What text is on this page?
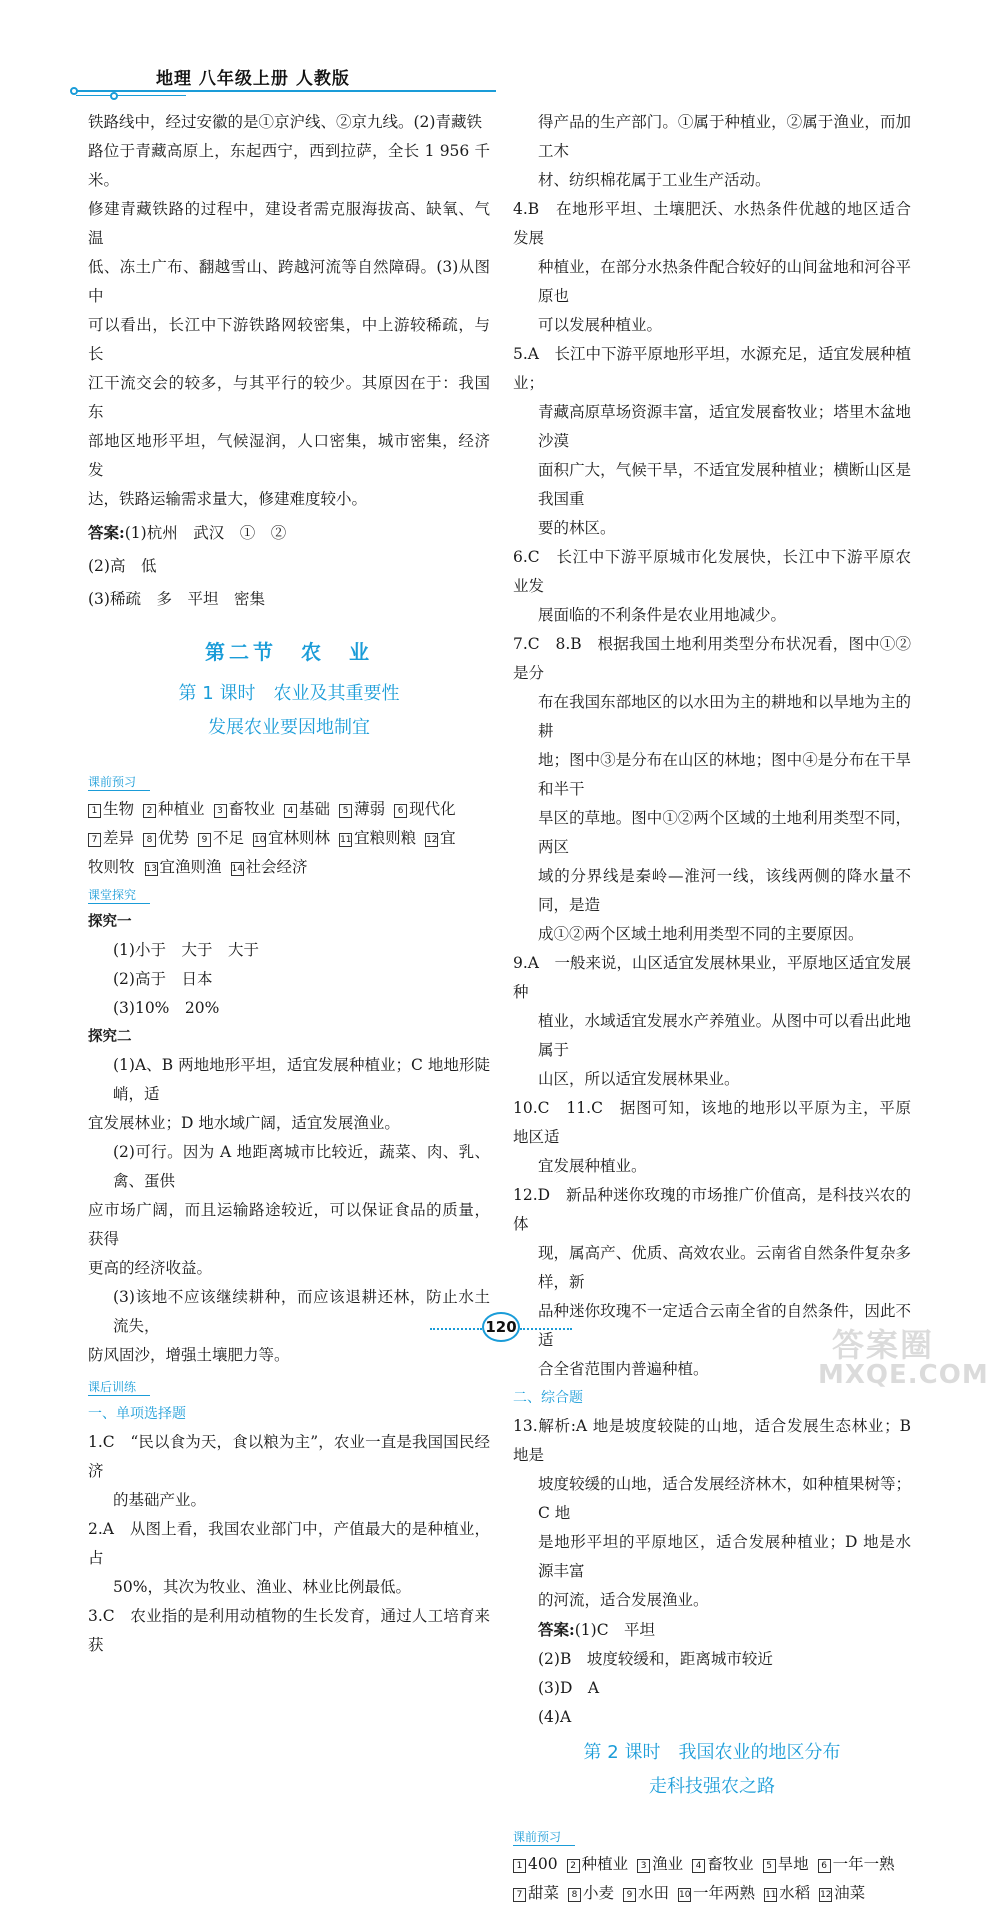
地理 八年级上册 人教版
铁路线中，经过安徽的是①京沪线、②京九线。(2)青藏铁
路位于青藏高原上，东起西宁，西到拉萨，全长 1 956 千米。
修建青藏铁路的过程中，建设者需克服海拔高、缺氧、气温
低、冻土广布、翻越雪山、跨越河流等自然障碍。(3)从图中
可以看出，长江中下游铁路网较密集，中上游较稀疏，与长
江干流交会的较多，与其平行的较少。其原因在于：我国东
部地区地形平坦，气候湿润，人口密集，城市密集，经济发
达，铁路运输需求量大，修建难度较小。
答案:(1)杭州　武汉　①　②
(2)高　低
(3)稀疏　多　平坦　密集
第二节　农　业
第 1 课时　农业及其重要性
发展农业要因地制宜
课前预习
1 生物 2 种植业 3 畜牧业 4 基础 5 薄弱 6 现代化
7 差异 8 优势 9 不足 10 宜林则林 11 宜粮则粮 12 宜
牧则牧 13 宜渔则渔 14 社会经济
课堂探究
探究一
(1)小于　大于　大于
(2)高于　日本
(3)10%　20%
探究二
(1)A、B 两地地形平坦，适宜发展种植业；C 地地形陡峭，适
宜发展林业；D 地水域广阔，适宜发展渔业。
(2)可行。因为 A 地距离城市比较近，蔬菜、肉、乳、禽、蛋供
应市场广阔，而且运输路途较近，可以保证食品的质量，获得
更高的经济收益。
(3)该地不应该继续耕种，而应该退耕还林，防止水土流失，
防风固沙，增强土壤肥力等。
课后训练
一、单项选择题
1.C　“民以食为天，食以粮为主”，农业一直是我国国民经济
的基础产业。
2.A　从图上看，我国农业部门中，产值最大的是种植业，占
50%，其次为牧业、渔业、林业比例最低。
3.C　农业指的是利用动植物的生长发育，通过人工培育来获
得产品的生产部门。①属于种植业，②属于渔业，而加工木
材、纺织棉花属于工业生产活动。
4.B　在地形平坦、土壤肥沃、水热条件优越的地区适合发展
种植业，在部分水热条件配合较好的山间盆地和河谷平原也
可以发展种植业。
5.A　长江中下游平原地形平坦，水源充足，适宜发展种植业；
青藏高原草场资源丰富，适宜发展畜牧业；塔里木盆地沙漠
面积广大，气候干旱，不适宜发展种植业；横断山区是我国重
要的林区。
6.C　长江中下游平原城市化发展快，长江中下游平原农业发
展面临的不利条件是农业用地减少。
7.C　8.B　根据我国土地利用类型分布状况看，图中①②是分
布在我国东部地区的以水田为主的耕地和以旱地为主的耕
地；图中③是分布在山区的林地；图中④是分布在干旱和半干
旱区的草地。图中①②两个区域的土地利用类型不同，两区
域的分界线是秦岭—淮河一线，该线两侧的降水量不同，是造
成①②两个区域土地利用类型不同的主要原因。
9.A　一般来说，山区适宜发展林果业，平原地区适宜发展种
植业，水域适宜发展水产养殖业。从图中可以看出此地属于
山区，所以适宜发展林果业。
10.C　11.C　据图可知，该地的地形以平原为主，平原地区适
宜发展种植业。
12.D　新品种迷你玫瑰的市场推广价值高，是科技兴农的体
现，属高产、优质、高效农业。云南省自然条件复杂多样，新
品种迷你玫瑰不一定适合云南全省的自然条件，因此不适
合全省范围内普遍种植。
二、综合题
13.解析:A 地是坡度较陡的山地，适合发展生态林业；B 地是
坡度较缓的山地，适合发展经济林木，如种植果树等；C 地
是地形平坦的平原地区，适合发展种植业；D 地是水源丰富
的河流，适合发展渔业。
答案:(1)C　平坦
(2)B　坡度较缓和，距离城市较近
(3)D　A
(4)A
第 2 课时　我国农业的地区分布
走科技强农之路
课前预习
1 400 2 种植业 3 渔业 4 畜牧业 5 旱地 6 一年一熟
7 甜菜 8 小麦 9 水田 10 一年两熟 11 水稻 12 油菜
120	答案圈
MXQE.COM
